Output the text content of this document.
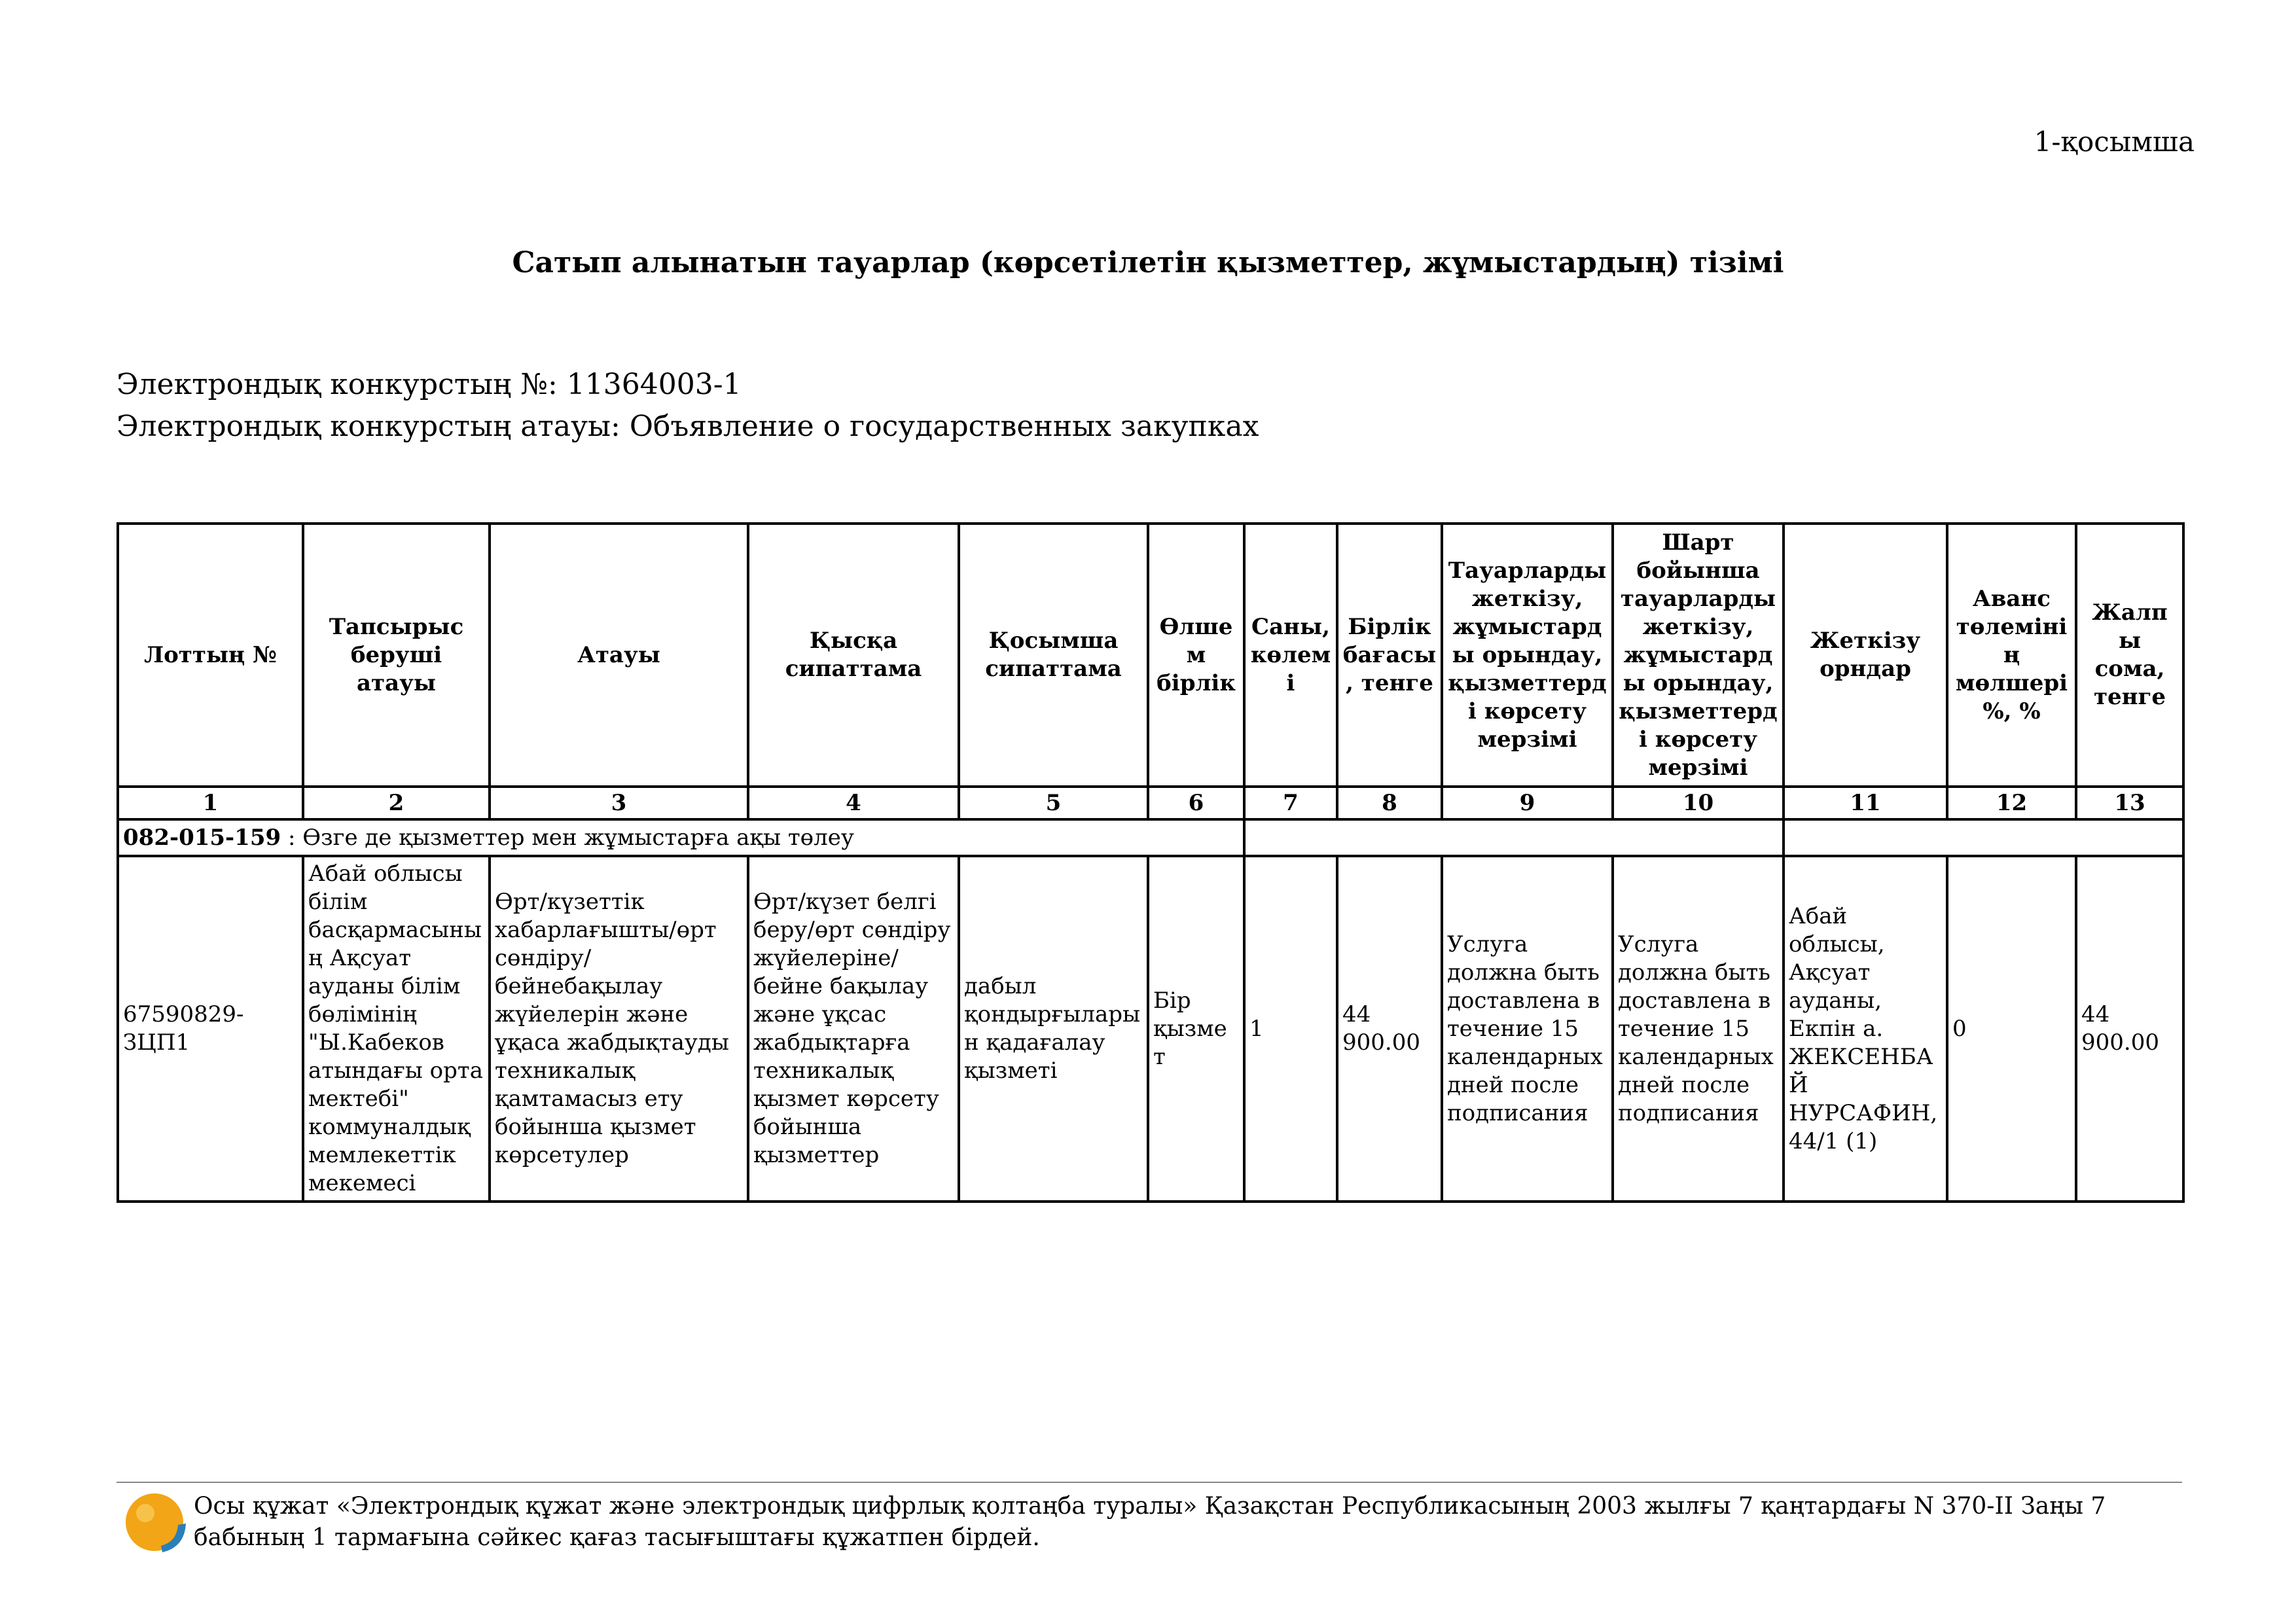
1-қосымша
Сатып алынатын тауарлар (көрсетілетін қызметтер, жұмыстардың) тізімі
Электрондық конкурстың №: 11364003-1
Электрондық конкурстың атауы: Объявление о государственных закупках
Лоттың №	Тапсырыс беруші атауы	Атауы	Қысқа сипаттама	Қосымша сипаттама	Өлшем бірлік	Саны, көлемі	Бірлік бағасы, тенге	Тауарларды жеткізу, жұмыстарды орындау, қызметтерді көрсету мерзімі	Шарт бойынша тауарларды жеткізу, жұмыстарды орындау, қызметтерді көрсету мерзімі	Жеткізу орндар	Аванс төлемінің мөлшері %, %	Жалпы сома, тенге
1	2	3	4	5	6	7	8	9	10	11	12	13
082-015-159 : Өзге де қызметтер мен жұмыстарға ақы төлеу												
67590829-ЗЦП1	Абай облысы білім басқармасының Ақсуат ауданы білім бөлімінің "Ы.Кабеков атындағы орта мектебі" коммуналдық мемлекеттік мекемесі	Өрт/күзеттік хабарлағышты/өрт сөндіру/бейнебақылау жүйелерін және ұқаса жабдықтауды техникалық қамтамасыз ету бойынша қызмет көрсетулер	Өрт/күзет белгі беру/өрт сөндіру жүйелеріне/бейне бақылау және ұқсас жабдықтарға техникалық қызмет көрсету бойынша қызметтер	дабыл қондырғыларын қадағалау қызметі	Бір қызмет	1	44 900.00	Услуга должна быть доставлена в течение 15 календарных дней после подписания	Услуга должна быть доставлена в течение 15 календарных дней после подписания	Абай облысы, Ақсуат ауданы, Екпін а. ЖЕКСЕНБАЙ НУРСАФИН, 44/1 (1)	0	44 900.00
Осы құжат «Электрондық құжат және электрондық цифрлық қолтаңба туралы» Қазақстан Республикасының 2003 жылғы 7 қаңтардағы N 370-II Заңы 7 бабының 1 тармағына сәйкес қағаз тасығыштағы құжатпен бірдей.
